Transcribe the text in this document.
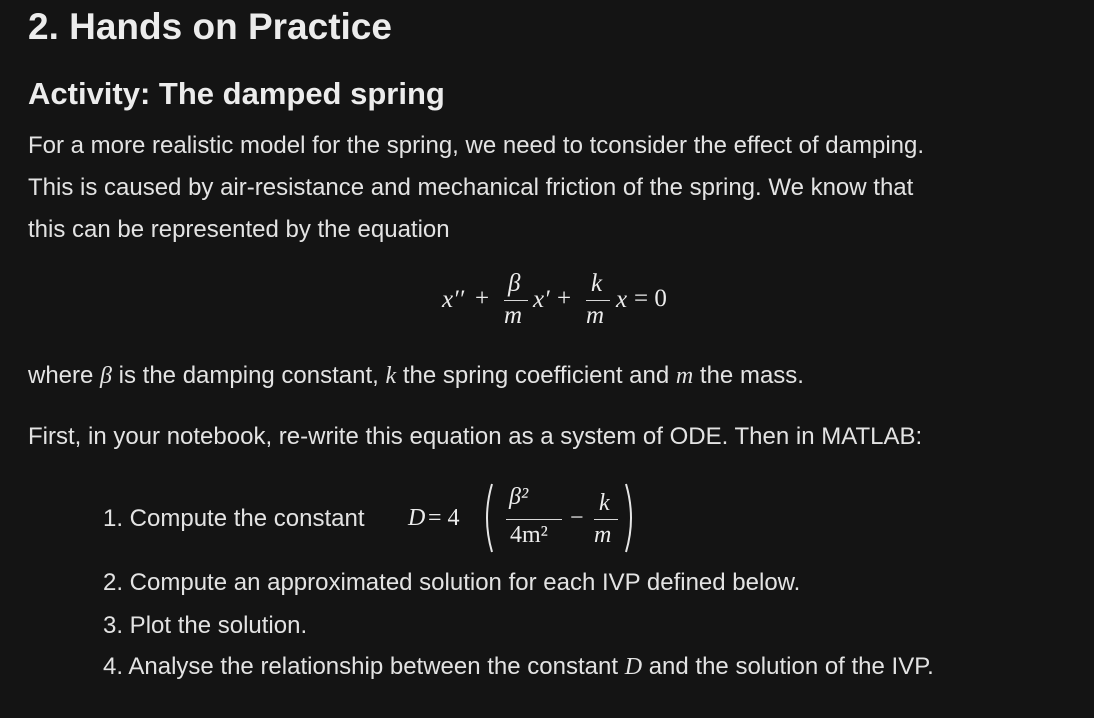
2. Hands on Practice
Activity: The damped spring

For a more realistic model for the spring, we need to tconsider the effect of damping.
This is caused by air-resistance and mechanical friction of the spring. We know that
this can be represented by the equation

x′′ +
β
m
x′ +
k
m
x = 0
where β is the damping constant, k the spring coefficient and m the mass.
First, in your notebook, re-write this equation as a system of ODE. Then in MATLAB:
1. Compute the constant D = 4
β²
4m²
−
k
m
2. Compute an approximated solution for each IVP defined below.
3. Plot the solution.
4. Analyse the relationship between the constant D and the solution of the IVP.
